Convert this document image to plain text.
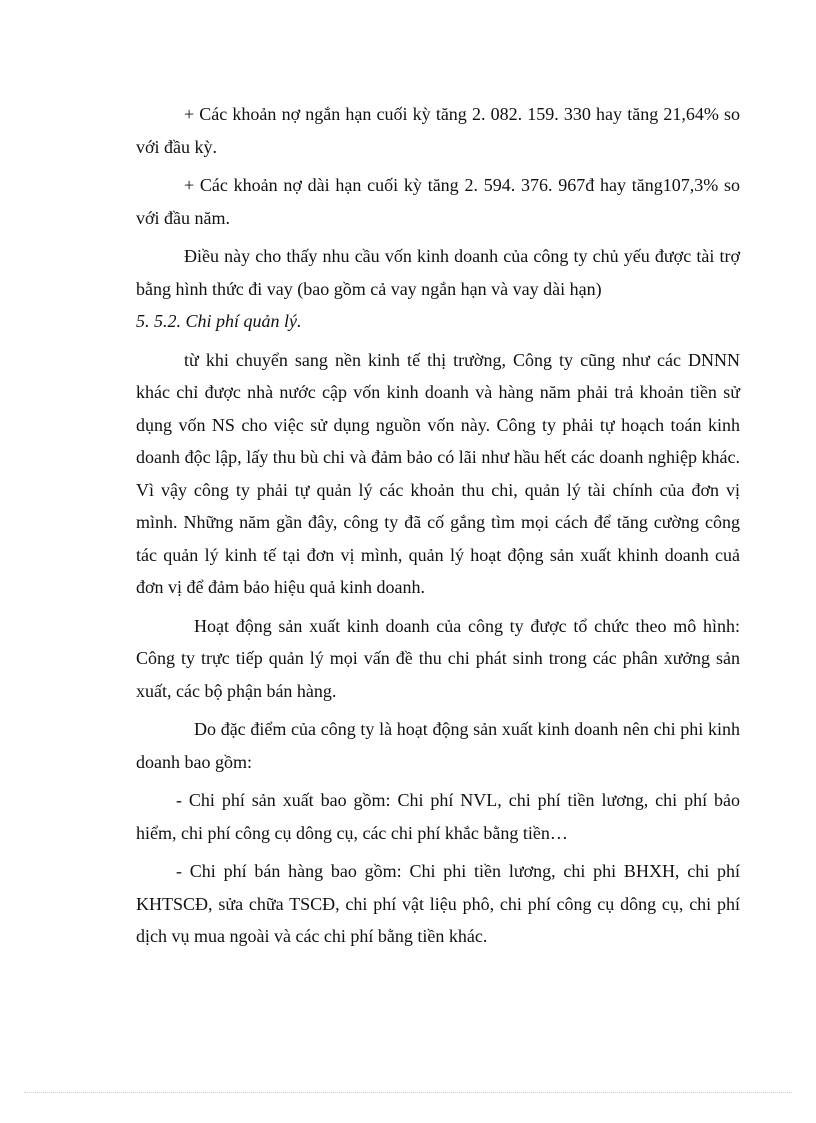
+ Các khoản nợ ngắn hạn cuối kỳ tăng 2. 082. 159. 330 hay tăng 21,64% so với đầu kỳ.

+ Các khoản nợ dài hạn cuối kỳ tăng 2. 594. 376. 967đ hay tăng107,3% so với đầu năm.

Điều này cho thấy nhu cầu vốn kinh doanh của công ty chủ yếu được tài trợ bằng hình thức đi vay (bao gồm cả vay ngắn hạn và vay dài hạn)

5. 5.2. Chi phí quản lý.

từ khi chuyển sang nền kinh tế thị trường, Công ty cũng như các DNNN khác chỉ được nhà nước cập vốn kinh doanh và hàng năm phải trả khoản tiền sử dụng vốn NS cho việc sử dụng nguồn vốn này. Công ty phải tự hoạch toán kinh doanh độc lập, lấy thu bù chi và đảm bảo có lãi như hầu hết các doanh nghiệp khác. Vì vậy công ty phải tự quản lý các khoản thu chi, quản lý tài chính của đơn vị mình. Những năm gần đây, công ty đã cố gắng tìm mọi cách để tăng cường công tác quản lý kinh tế tại đơn vị mình, quản lý hoạt động sản xuất khinh doanh cuả đơn vị để đảm bảo hiệu quả kinh doanh.

Hoạt động sản xuất kinh doanh của công ty được tổ chức theo mô hình: Công ty trực tiếp quản lý mọi vấn đề thu chi phát sinh trong các phân xưởng sản xuất, các bộ phận bán hàng.

Do đặc điểm của công ty là hoạt động sản xuất kinh doanh nên chi phi kinh doanh bao gồm:

- Chi phí sản xuất bao gồm: Chi phí NVL, chi phí tiền lương, chi phí bảo hiểm, chi phí công cụ dông cụ, các chi phí khắc bằng tiền…

- Chi phí bán hàng bao gồm: Chi phi tiền lương, chi phi BHXH, chi phí KHTSCĐ, sửa chữa TSCĐ, chi phí vật liệu phô, chi phí công cụ dông cụ, chi phí dịch vụ mua ngoài và các chi phí bằng tiền khác.
